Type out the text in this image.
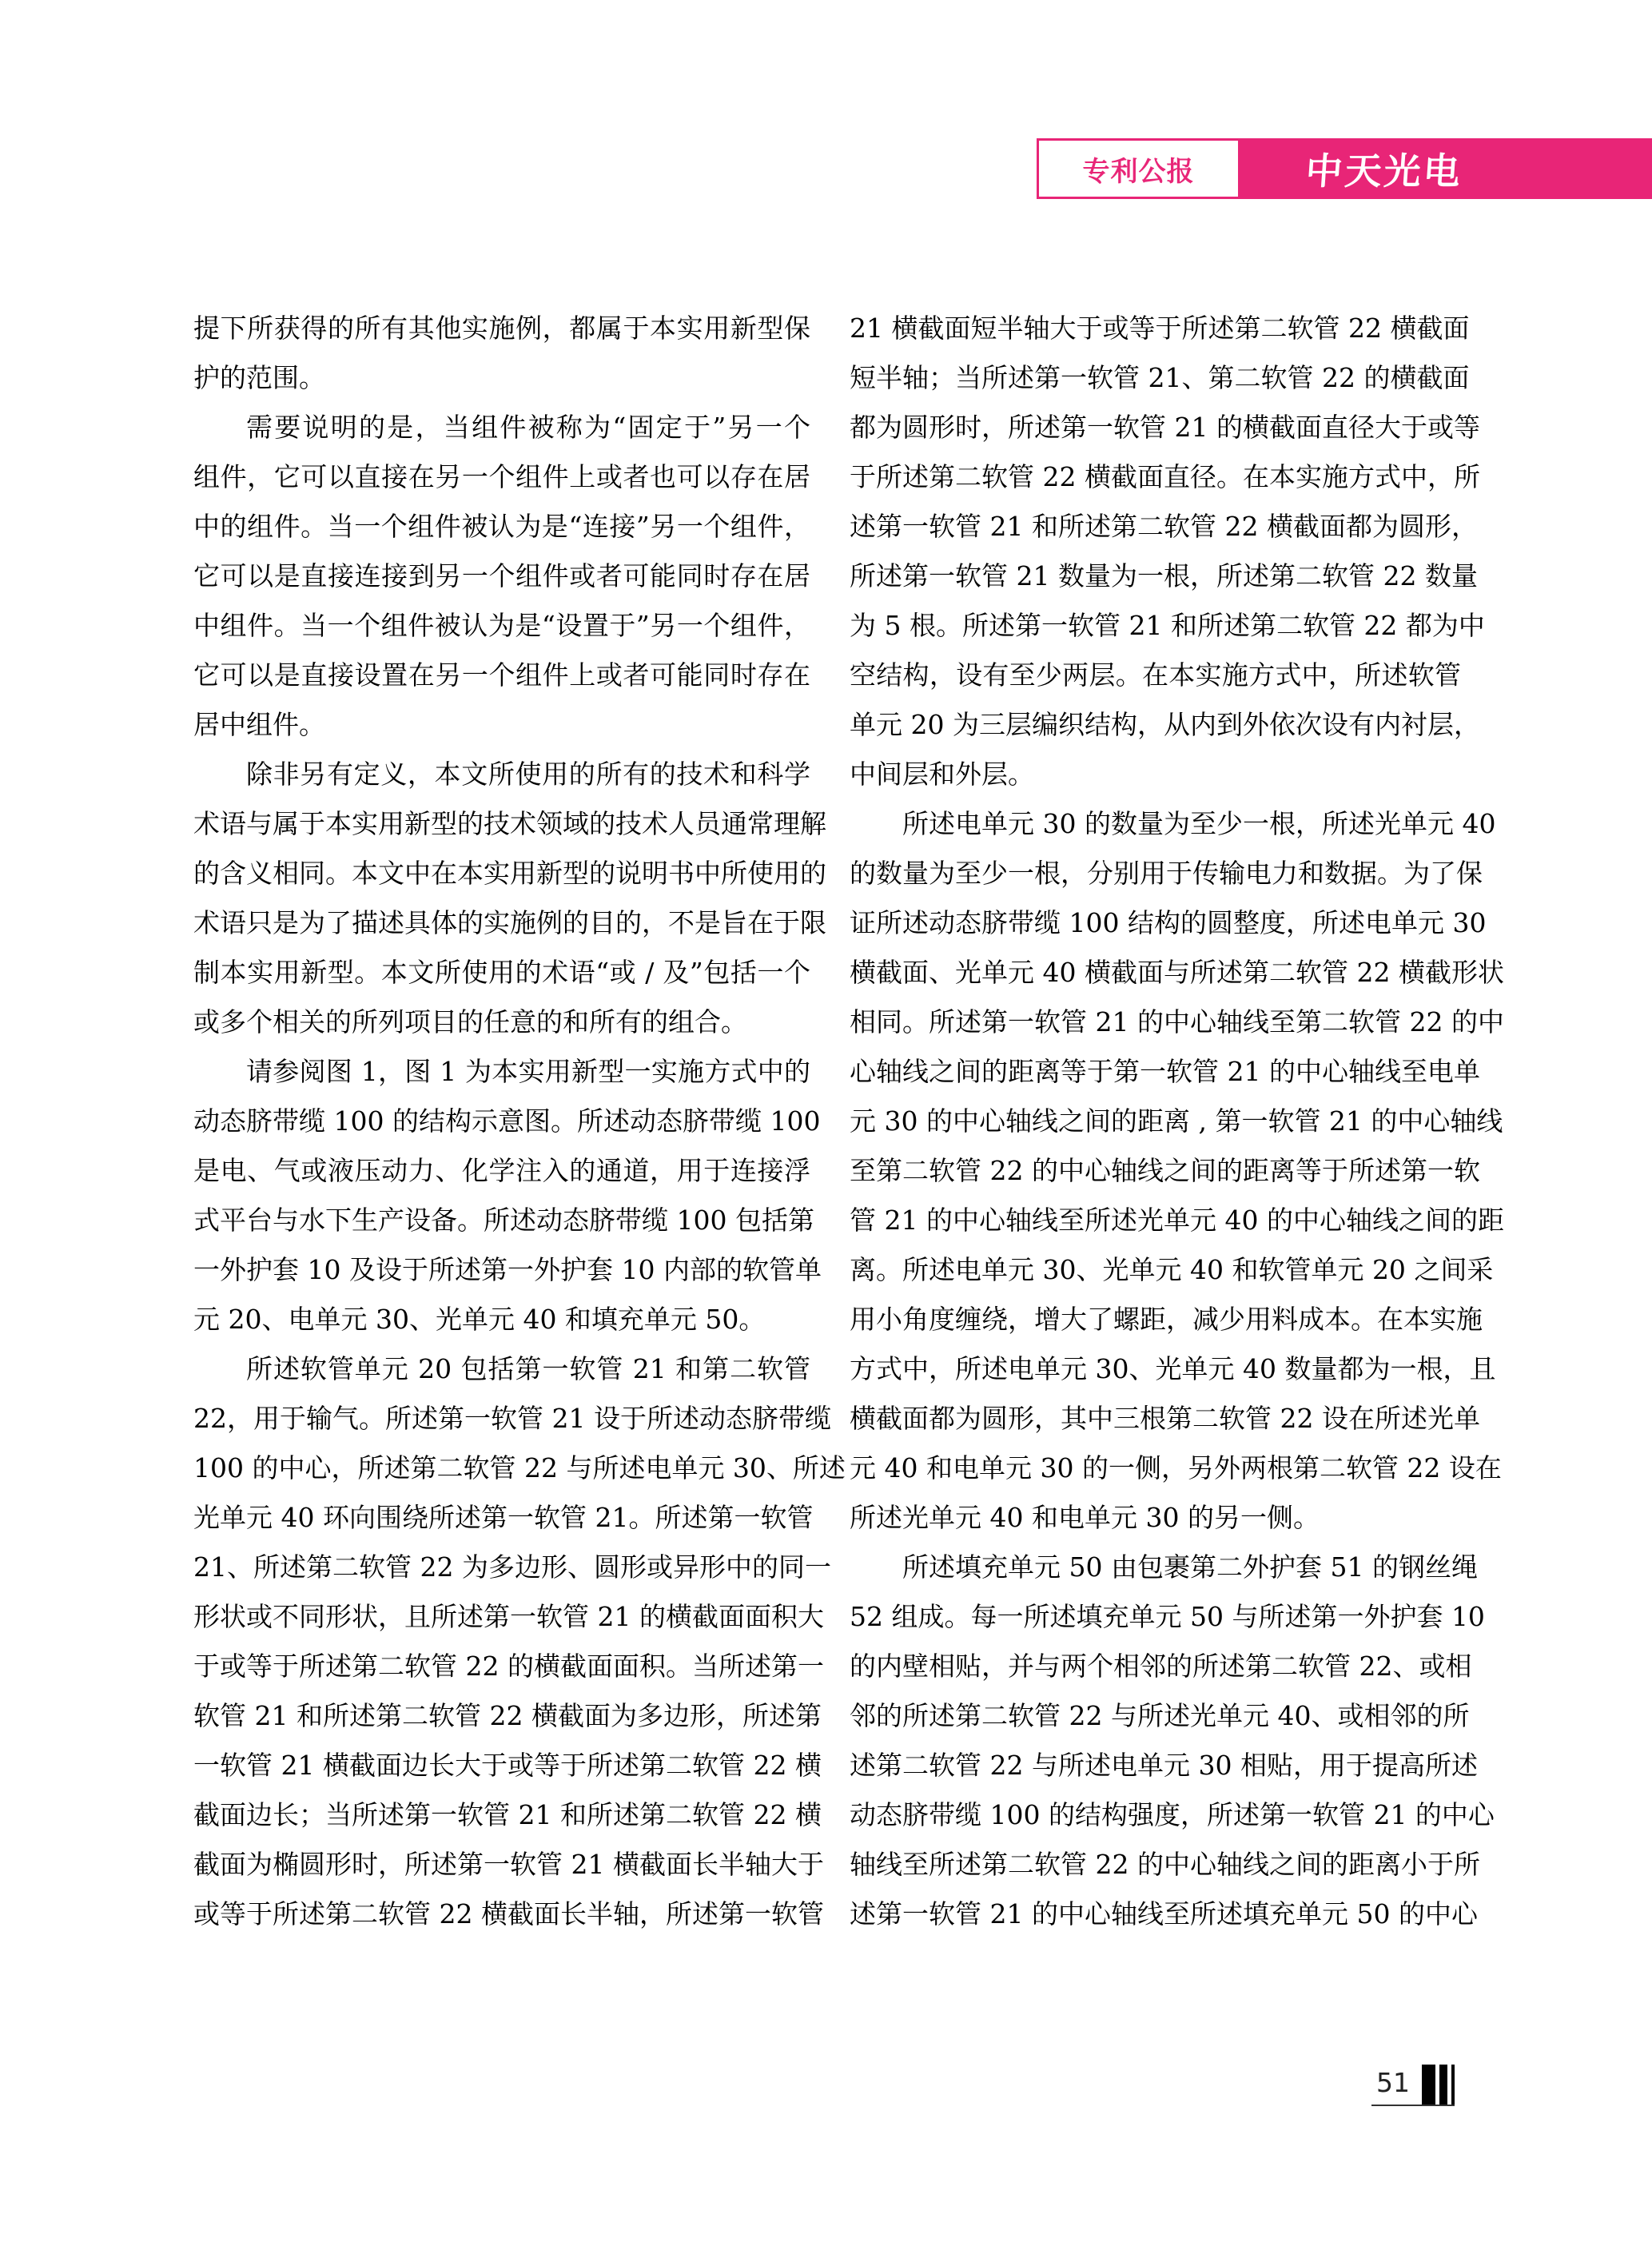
专利公报	中天光电
提下所获得的所有其他实施例，都属于本实用新型保
护的范围。
需要说明的是，当组件被称为“固定于”另一个
组件，它可以直接在另一个组件上或者也可以存在居
中的组件。当一个组件被认为是“连接”另一个组件，
它可以是直接连接到另一个组件或者可能同时存在居
中组件。当一个组件被认为是“设置于”另一个组件，
它可以是直接设置在另一个组件上或者可能同时存在
居中组件。
除非另有定义，本文所使用的所有的技术和科学
术语与属于本实用新型的技术领域的技术人员通常理解
的含义相同。本文中在本实用新型的说明书中所使用的
术语只是为了描述具体的实施例的目的，不是旨在于限
制本实用新型。本文所使用的术语“或 / 及”包括一个
或多个相关的所列项目的任意的和所有的组合。
请参阅图 1，图 1 为本实用新型一实施方式中的
动态脐带缆 100 的结构示意图。所述动态脐带缆 100
是电、气或液压动力、化学注入的通道，用于连接浮
式平台与水下生产设备。所述动态脐带缆 100 包括第
一外护套 10 及设于所述第一外护套 10 内部的软管单
元 20、电单元 30、光单元 40 和填充单元 50。
所述软管单元 20 包括第一软管 21 和第二软管
22，用于输气。所述第一软管 21 设于所述动态脐带缆
100 的中心，所述第二软管 22 与所述电单元 30、所述
光单元 40 环向围绕所述第一软管 21。所述第一软管
21、所述第二软管 22 为多边形、圆形或异形中的同一
形状或不同形状，且所述第一软管 21 的横截面面积大
于或等于所述第二软管 22 的横截面面积。当所述第一
软管 21 和所述第二软管 22 横截面为多边形，所述第
一软管 21 横截面边长大于或等于所述第二软管 22 横
截面边长；当所述第一软管 21 和所述第二软管 22 横
截面为椭圆形时，所述第一软管 21 横截面长半轴大于
或等于所述第二软管 22 横截面长半轴，所述第一软管
21 横截面短半轴大于或等于所述第二软管 22 横截面
短半轴；当所述第一软管 21、第二软管 22 的横截面
都为圆形时，所述第一软管 21 的横截面直径大于或等
于所述第二软管 22 横截面直径。在本实施方式中，所
述第一软管 21 和所述第二软管 22 横截面都为圆形，
所述第一软管 21 数量为一根，所述第二软管 22 数量
为 5 根。所述第一软管 21 和所述第二软管 22 都为中
空结构，设有至少两层。在本实施方式中，所述软管
单元 20 为三层编织结构，从内到外依次设有内衬层，
中间层和外层。
所述电单元 30 的数量为至少一根，所述光单元 40
的数量为至少一根，分别用于传输电力和数据。为了保
证所述动态脐带缆 100 结构的圆整度，所述电单元 30
横截面、光单元 40 横截面与所述第二软管 22 横截形状
相同。所述第一软管 21 的中心轴线至第二软管 22 的中
心轴线之间的距离等于第一软管 21 的中心轴线至电单
元 30 的中心轴线之间的距离 , 第一软管 21 的中心轴线
至第二软管 22 的中心轴线之间的距离等于所述第一软
管 21 的中心轴线至所述光单元 40 的中心轴线之间的距
离。所述电单元 30、光单元 40 和软管单元 20 之间采
用小角度缠绕，增大了螺距，减少用料成本。在本实施
方式中，所述电单元 30、光单元 40 数量都为一根，且
横截面都为圆形，其中三根第二软管 22 设在所述光单
元 40 和电单元 30 的一侧，另外两根第二软管 22 设在
所述光单元 40 和电单元 30 的另一侧。
所述填充单元 50 由包裹第二外护套 51 的钢丝绳
52 组成。每一所述填充单元 50 与所述第一外护套 10
的内壁相贴，并与两个相邻的所述第二软管 22、或相
邻的所述第二软管 22 与所述光单元 40、或相邻的所
述第二软管 22 与所述电单元 30 相贴，用于提高所述
动态脐带缆 100 的结构强度，所述第一软管 21 的中心
轴线至所述第二软管 22 的中心轴线之间的距离小于所
述第一软管 21 的中心轴线至所述填充单元 50 的中心
51
